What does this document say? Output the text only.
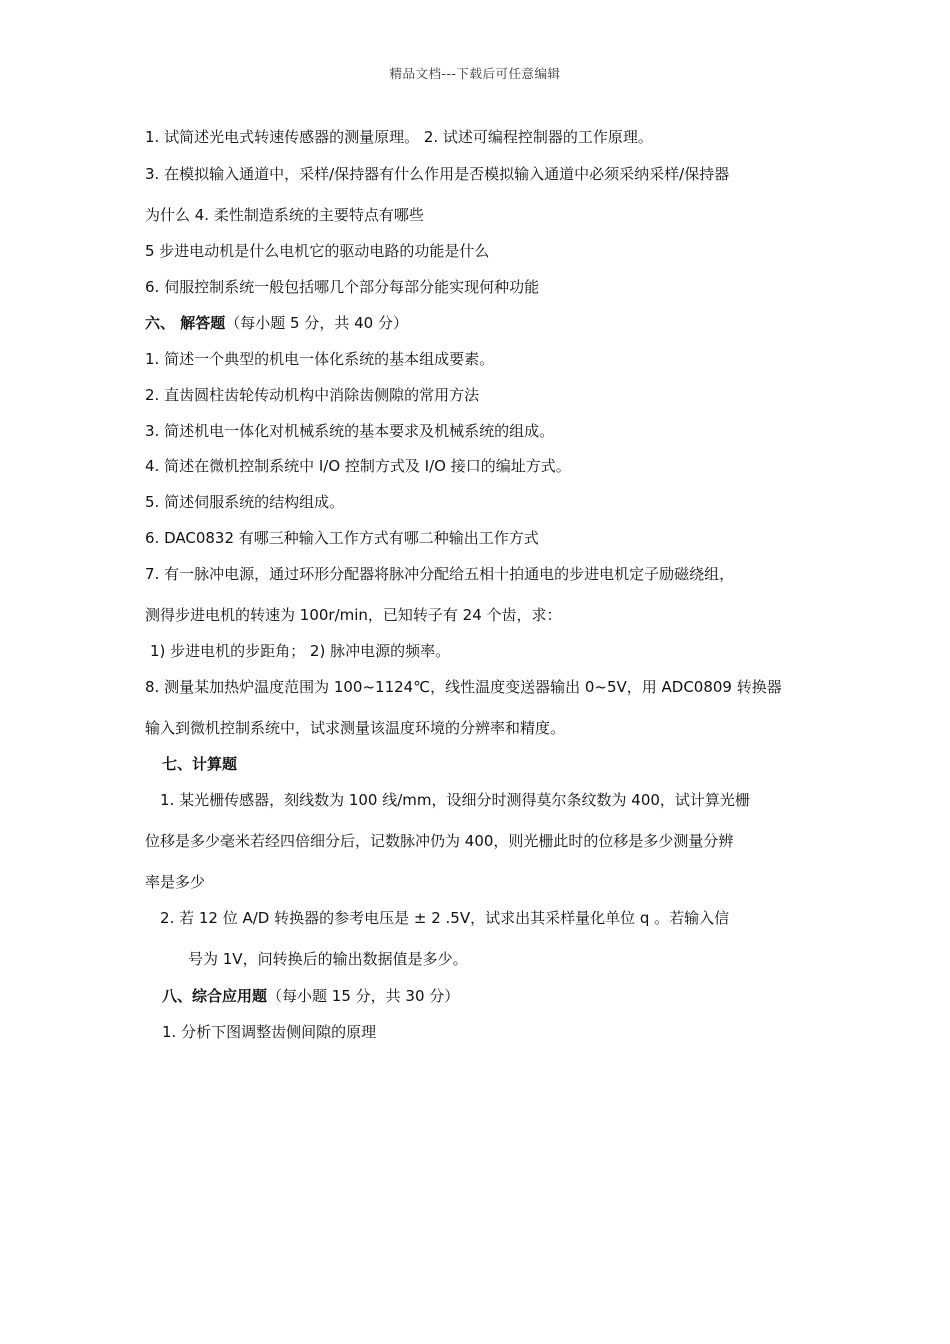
精品文档---下载后可任意编辑
1. 试简述光电式转速传感器的测量原理。 2. 试述可编程控制器的工作原理。
3. 在模拟输入通道中，采样/保持器有什么作用是否模拟输入通道中必须采纳采样/保持器
为什么 4. 柔性制造系统的主要特点有哪些
5 步进电动机是什么电机它的驱动电路的功能是什么
6. 伺服控制系统一般包括哪几个部分每部分能实现何种功能
六、 解答题（每小题 5 分，共 40 分）
1. 简述一个典型的机电一体化系统的基本组成要素。
2. 直齿圆柱齿轮传动机构中消除齿侧隙的常用方法
3. 简述机电一体化对机械系统的基本要求及机械系统的组成。
4. 简述在微机控制系统中 I/O 控制方式及 I/O 接口的编址方式。
5. 简述伺服系统的结构组成。
6. DAC0832 有哪三种输入工作方式有哪二种输出工作方式
7. 有一脉冲电源，通过环形分配器将脉冲分配给五相十拍通电的步进电机定子励磁绕组，
测得步进电机的转速为 100r/min，已知转子有 24 个齿，求：
1) 步进电机的步距角； 2) 脉冲电源的频率。
8. 测量某加热炉温度范围为 100~1124℃，线性温度变送器输出 0~5V，用 ADC0809 转换器
输入到微机控制系统中，试求测量该温度环境的分辨率和精度。
七、计算题
1. 某光栅传感器，刻线数为 100 线/mm，设细分时测得莫尔条纹数为 400，试计算光栅
位移是多少毫米若经四倍细分后，记数脉冲仍为 400，则光栅此时的位移是多少测量分辨
率是多少
2. 若 12 位 A/D 转换器的参考电压是 ± 2 .5V，试求出其采样量化单位 q 。若输入信
号为 1V，问转换后的输出数据值是多少。
八、综合应用题（每小题 15 分，共 30 分）
1. 分析下图调整齿侧间隙的原理
